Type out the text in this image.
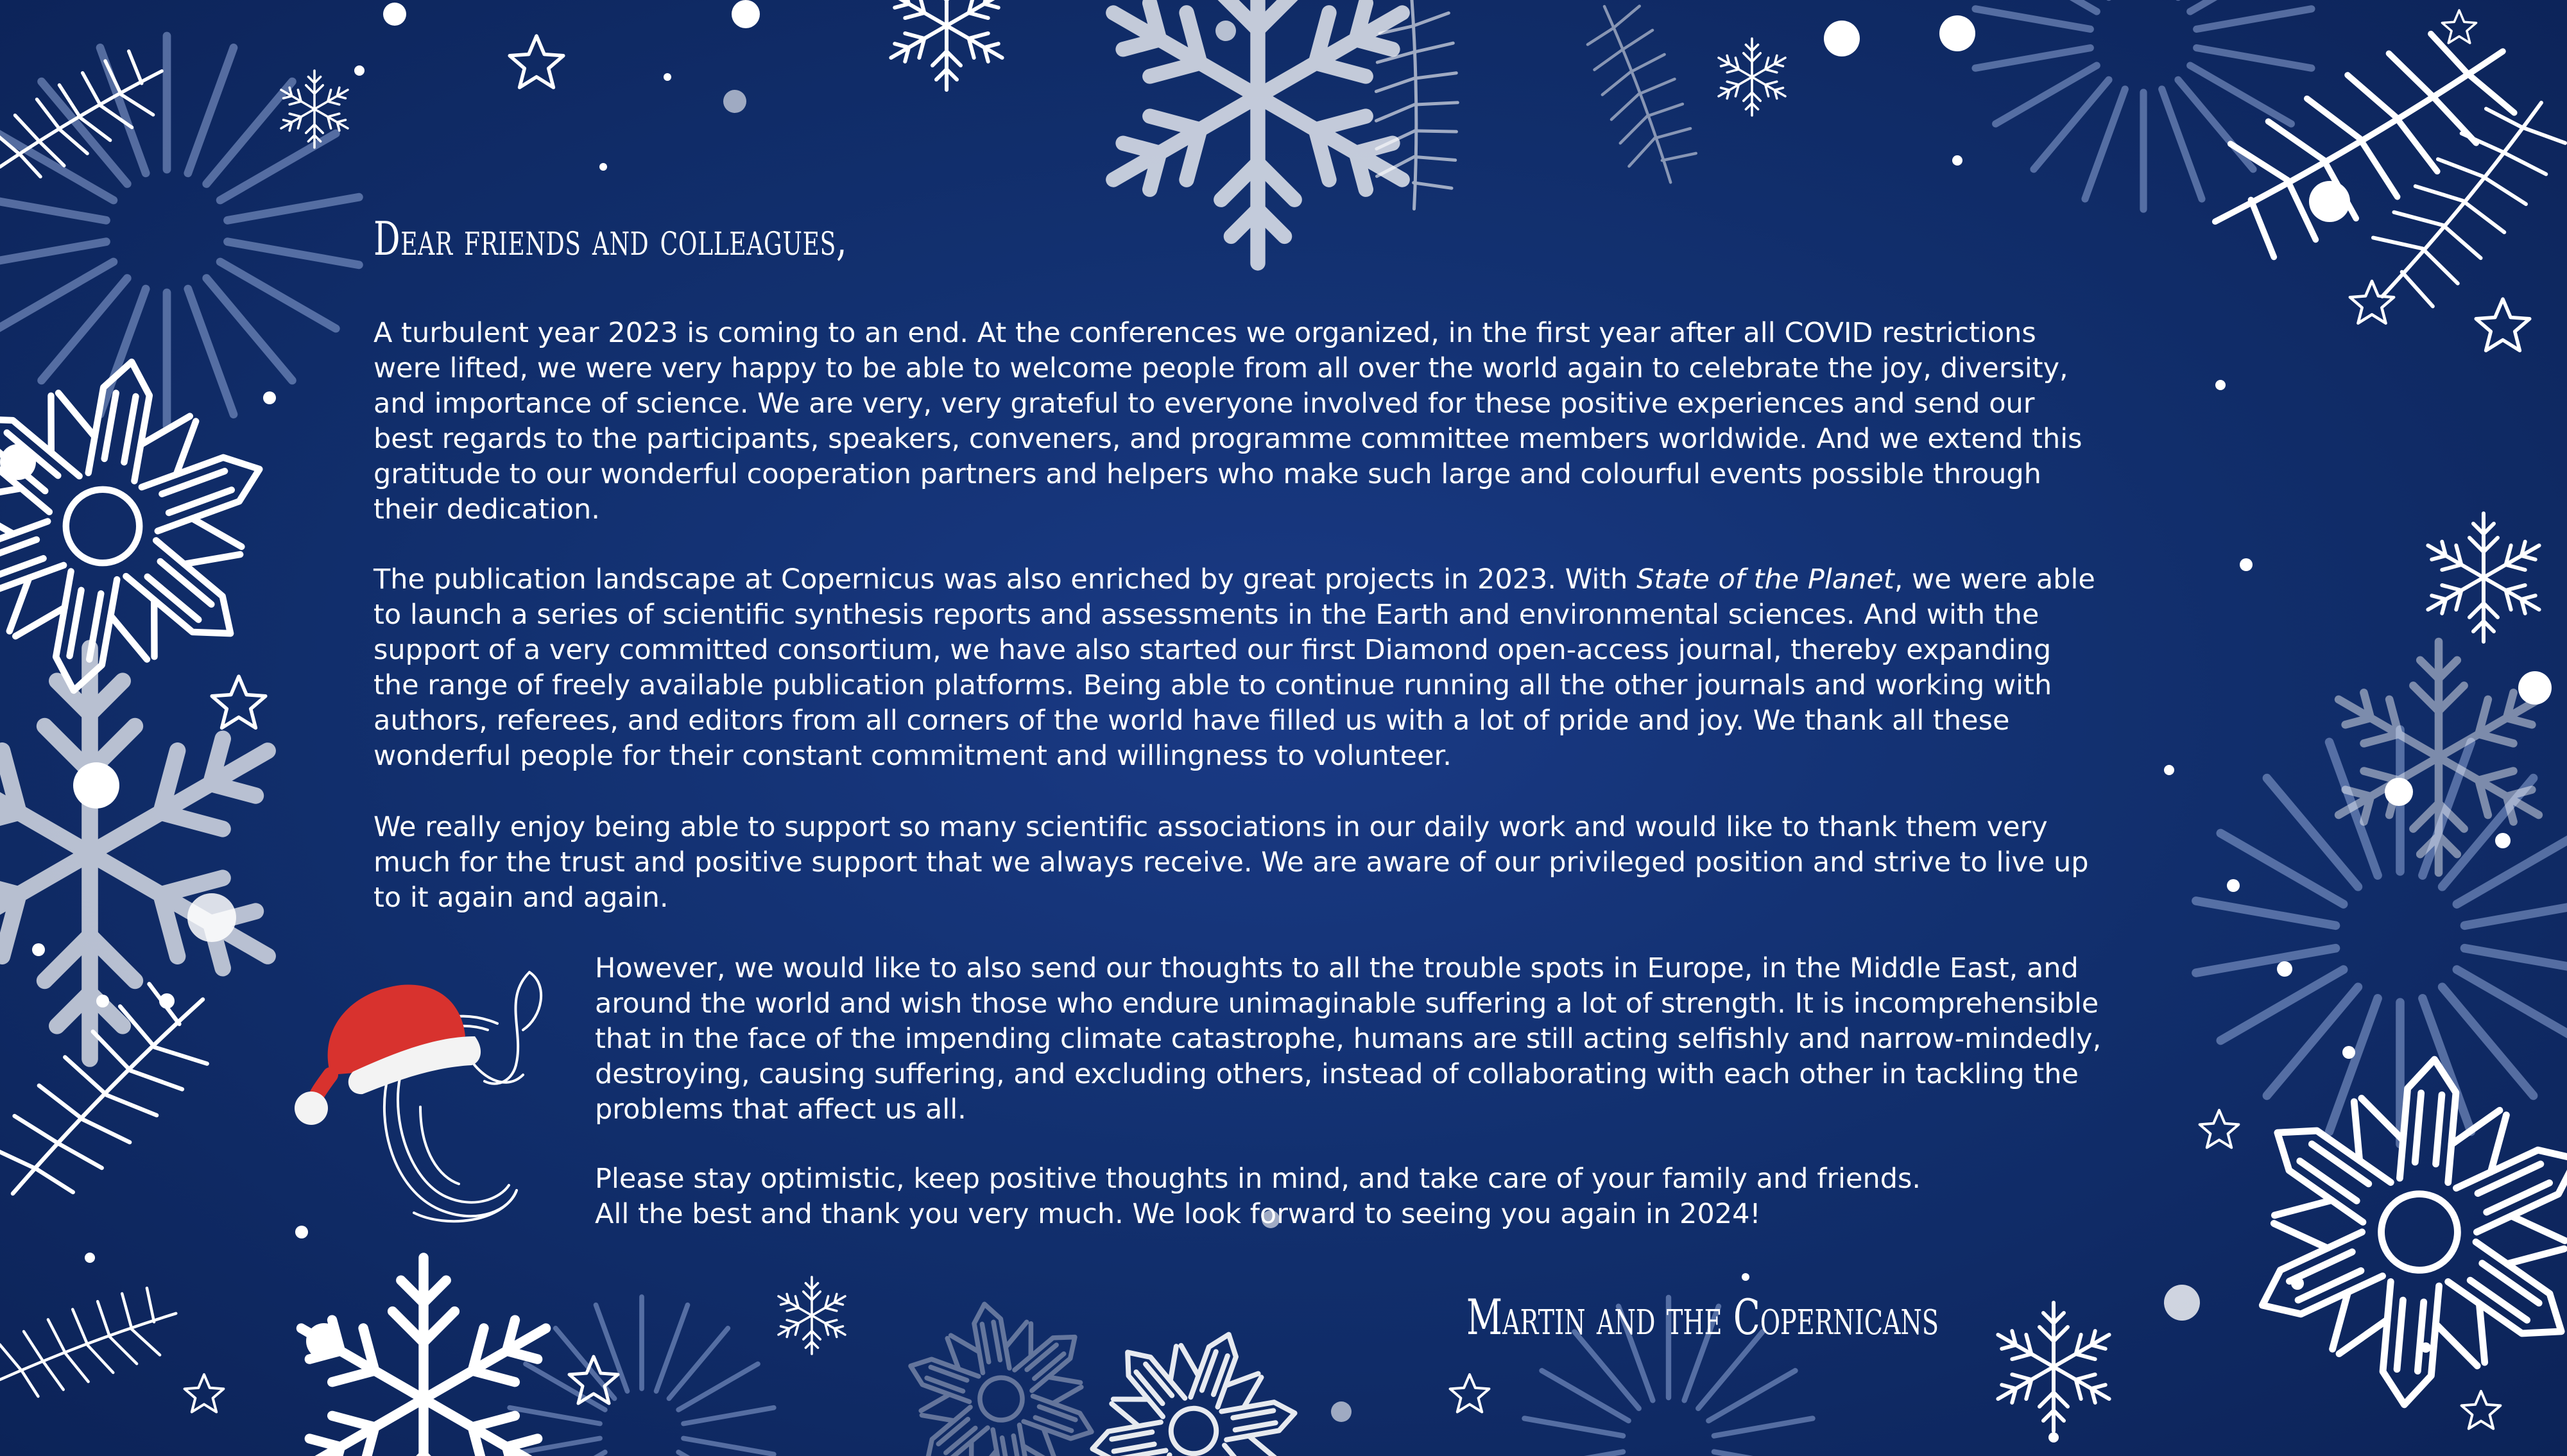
Dear friends and colleagues,

A turbulent year 2023 is coming to an end. At the conferences we organized, in the first year after all COVID restrictions
were lifted, we were very happy to be able to welcome people from all over the world again to celebrate the joy, diversity,
and importance of science. We are very, very grateful to everyone involved for these positive experiences and send our
best regards to the participants, speakers, conveners, and programme committee members worldwide. And we extend this
gratitude to our wonderful cooperation partners and helpers who make such large and colourful events possible through
their dedication.

The publication landscape at Copernicus was also enriched by great projects in 2023. With State of the Planet, we were able
to launch a series of scientific synthesis reports and assessments in the Earth and environmental sciences. And with the
support of a very committed consortium, we have also started our first Diamond open-access journal, thereby expanding
the range of freely available publication platforms. Being able to continue running all the other journals and working with
authors, referees, and editors from all corners of the world have filled us with a lot of pride and joy. We thank all these
wonderful people for their constant commitment and willingness to volunteer.

We really enjoy being able to support so many scientific associations in our daily work and would like to thank them very
much for the trust and positive support that we always receive. We are aware of our privileged position and strive to live up
to it again and again.

However, we would like to also send our thoughts to all the trouble spots in Europe, in the Middle East, and
around the world and wish those who endure unimaginable suffering a lot of strength. It is incomprehensible
that in the face of the impending climate catastrophe, humans are still acting selfishly and narrow-mindedly,
destroying, causing suffering, and excluding others, instead of collaborating with each other in tackling the
problems that affect us all.

Please stay optimistic, keep positive thoughts in mind, and take care of your family and friends.
All the best and thank you very much. We look forward to seeing you again in 2024!

Martin and the Copernicans
